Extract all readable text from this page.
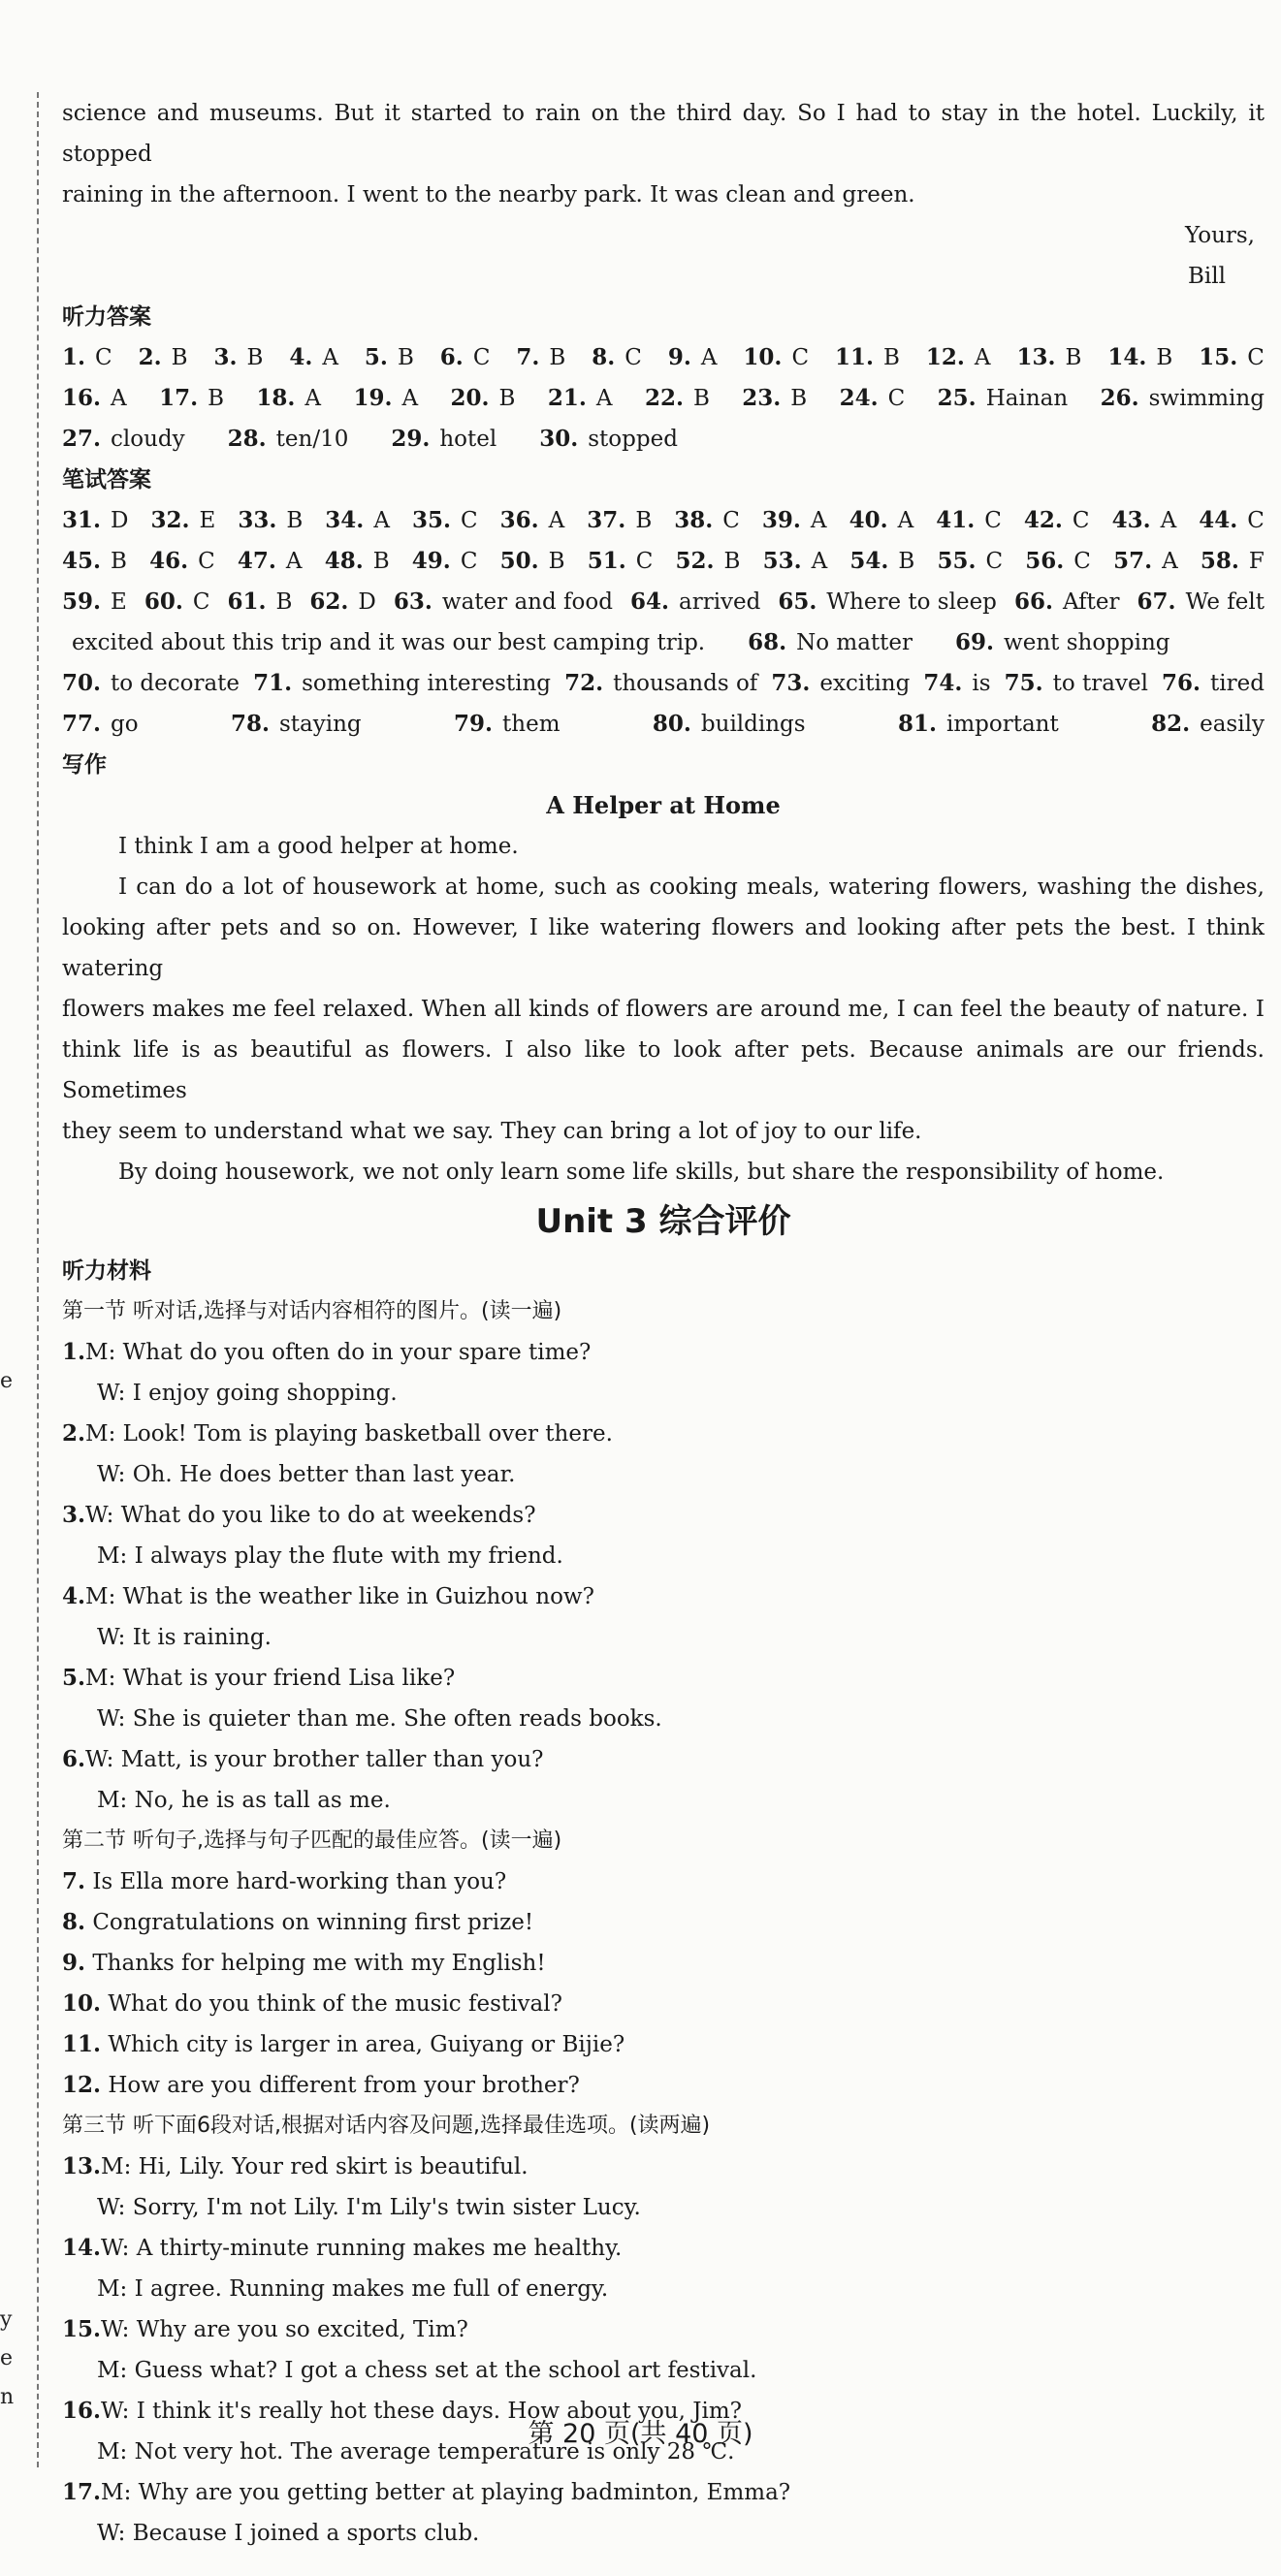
e
y
e
n
science and museums. But it started to rain on the third day. So I had to stay in the hotel. Luckily, it stopped
raining in the afternoon. I went to the nearby park. It was clean and green.
Yours,
Bill
听力答案
1. C 2. B 3. B 4. A 5. B 6. C 7. B 8. C 9. A 10. C 11. B 12. A 13. B 14. B 15. C
16. A 17. B 18. A 19. A 20. B 21. A 22. B 23. B 24. C 25. Hainan 26. swimming
27. cloudy 28. ten/10 29. hotel 30. stopped
笔试答案
31. D 32. E 33. B 34. A 35. C 36. A 37. B 38. C 39. A 40. A 41. C 42. C 43. A 44. C
45. B 46. C 47. A 48. B 49. C 50. B 51. C 52. B 53. A 54. B 55. C 56. C 57. A 58. F
59. E 60. C 61. B 62. D 63. water and food 64. arrived 65. Where to sleep 66. After 67. We felt
excited about this trip and it was our best camping trip. 68. No matter 69. went shopping
70. to decorate 71. something interesting 72. thousands of 73. exciting 74. is 75. to travel 76. tired
77. go	78. staying	79. them	80. buildings	81. important	82. easily
写作
A Helper at Home
I think I am a good helper at home.
I can do a lot of housework at home, such as cooking meals, watering flowers, washing the dishes,
looking after pets and so on. However, I like watering flowers and looking after pets the best. I think watering
flowers makes me feel relaxed. When all kinds of flowers are around me, I can feel the beauty of nature. I
think life is as beautiful as flowers. I also like to look after pets. Because animals are our friends. Sometimes
they seem to understand what we say. They can bring a lot of joy to our life.
By doing housework, we not only learn some life skills, but share the responsibility of home.
Unit 3 综合评价
听力材料
第一节 听对话,选择与对话内容相符的图片。(读一遍)
1.M: What do you often do in your spare time?
W: I enjoy going shopping.
2.M: Look! Tom is playing basketball over there.
W: Oh. He does better than last year.
3.W: What do you like to do at weekends?
M: I always play the flute with my friend.
4.M: What is the weather like in Guizhou now?
W: It is raining.
5.M: What is your friend Lisa like?
W: She is quieter than me. She often reads books.
6.W: Matt, is your brother taller than you?
M: No, he is as tall as me.
第二节 听句子,选择与句子匹配的最佳应答。(读一遍)
7. Is Ella more hard-working than you?
8. Congratulations on winning first prize!
9. Thanks for helping me with my English!
10. What do you think of the music festival?
11. Which city is larger in area, Guiyang or Bijie?
12. How are you different from your brother?
第三节 听下面6段对话,根据对话内容及问题,选择最佳选项。(读两遍)
13.M: Hi, Lily. Your red skirt is beautiful.
W: Sorry, I'm not Lily. I'm Lily's twin sister Lucy.
14.W: A thirty-minute running makes me healthy.
M: I agree. Running makes me full of energy.
15.W: Why are you so excited, Tim?
M: Guess what? I got a chess set at the school art festival.
16.W: I think it's really hot these days. How about you, Jim?
M: Not very hot. The average temperature is only 28 ℃.
17.M: Why are you getting better at playing badminton, Emma?
W: Because I joined a sports club.
第 20 页(共 40 页)
